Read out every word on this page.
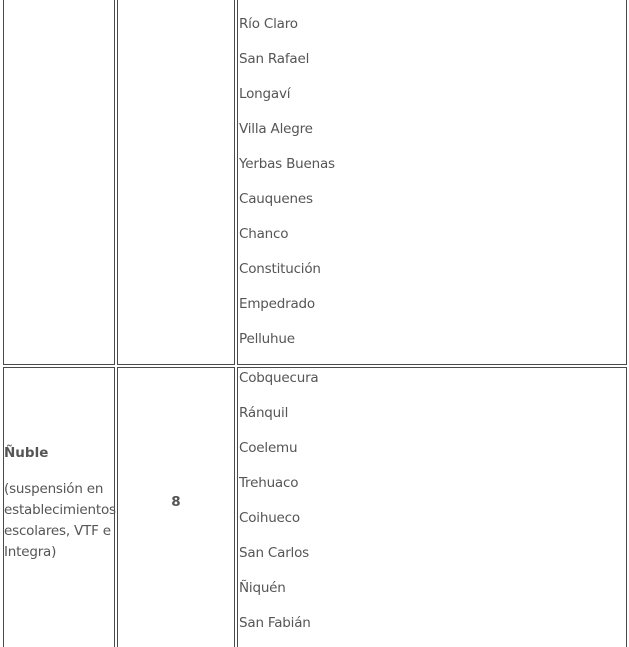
Río Claro
San Rafael
Longaví
Villa Alegre
Yerbas Buenas
Cauquenes
Chanco
Constitución
Empedrado
Pelluhue
Ñuble
(suspensión en establecimientos escolares, VTF e Integra)
8
Cobquecura
Ránquil
Coelemu
Trehuaco
Coihueco
San Carlos
Ñiquén
San Fabián
